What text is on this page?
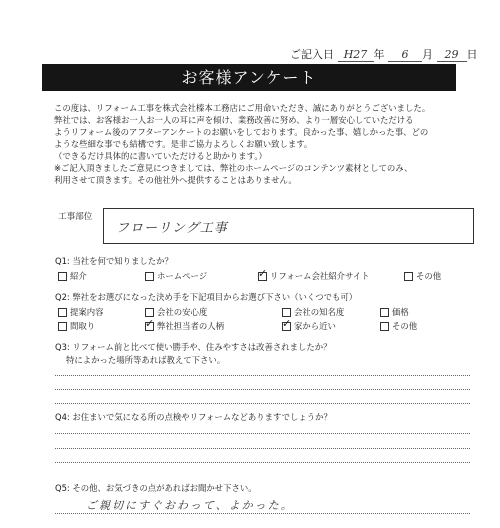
ご記入日 H27 年 6 月 29 日
お客様アンケート
この度は、リフォーム工事を株式会社榛本工務店にご用命いただき、誠にありがとうございました。
弊社では、お客様お一人お一人の耳に声を傾け、業務改善に努め、より一層安心していただける
ようリフォーム後のアフターアンケートのお願いをしております。良かった事、嬉しかった事、どの
ような些細な事でも結構です。是非ご協力よろしくお願い致します。
（できるだけ具体的に書いていただけると助かります。）
※ご記入頂きましたご意見につきましては、弊社のホームページのコンテンツ素材としてのみ、
利用させて頂きます。その他社外へ提供することはありません。
工事部位
フローリング工事
Q1: 当社を何で知りましたか？
紹介	ホームページ ✓	リフォーム会社紹介サイト	その他
Q2: 弊社をお選びになった決め手を下記項目からお選び下さい（いくつでも可）
提案内容	会社の安心度	会社の知名度	価格
間取り ✓	弊社担当者の人柄 ✓	家から近い	その他
Q3: リフォーム前と比べて使い勝手や、住みやすさは改善されましたか？
特によかった場所等あれば教えて下さい。
Q4: お住まいで気になる所の点検やリフォームなどありますでしょうか？
Q5: その他、お気づきの点があればお聞かせ下さい。
ご親切にすぐおわって、よかった。
